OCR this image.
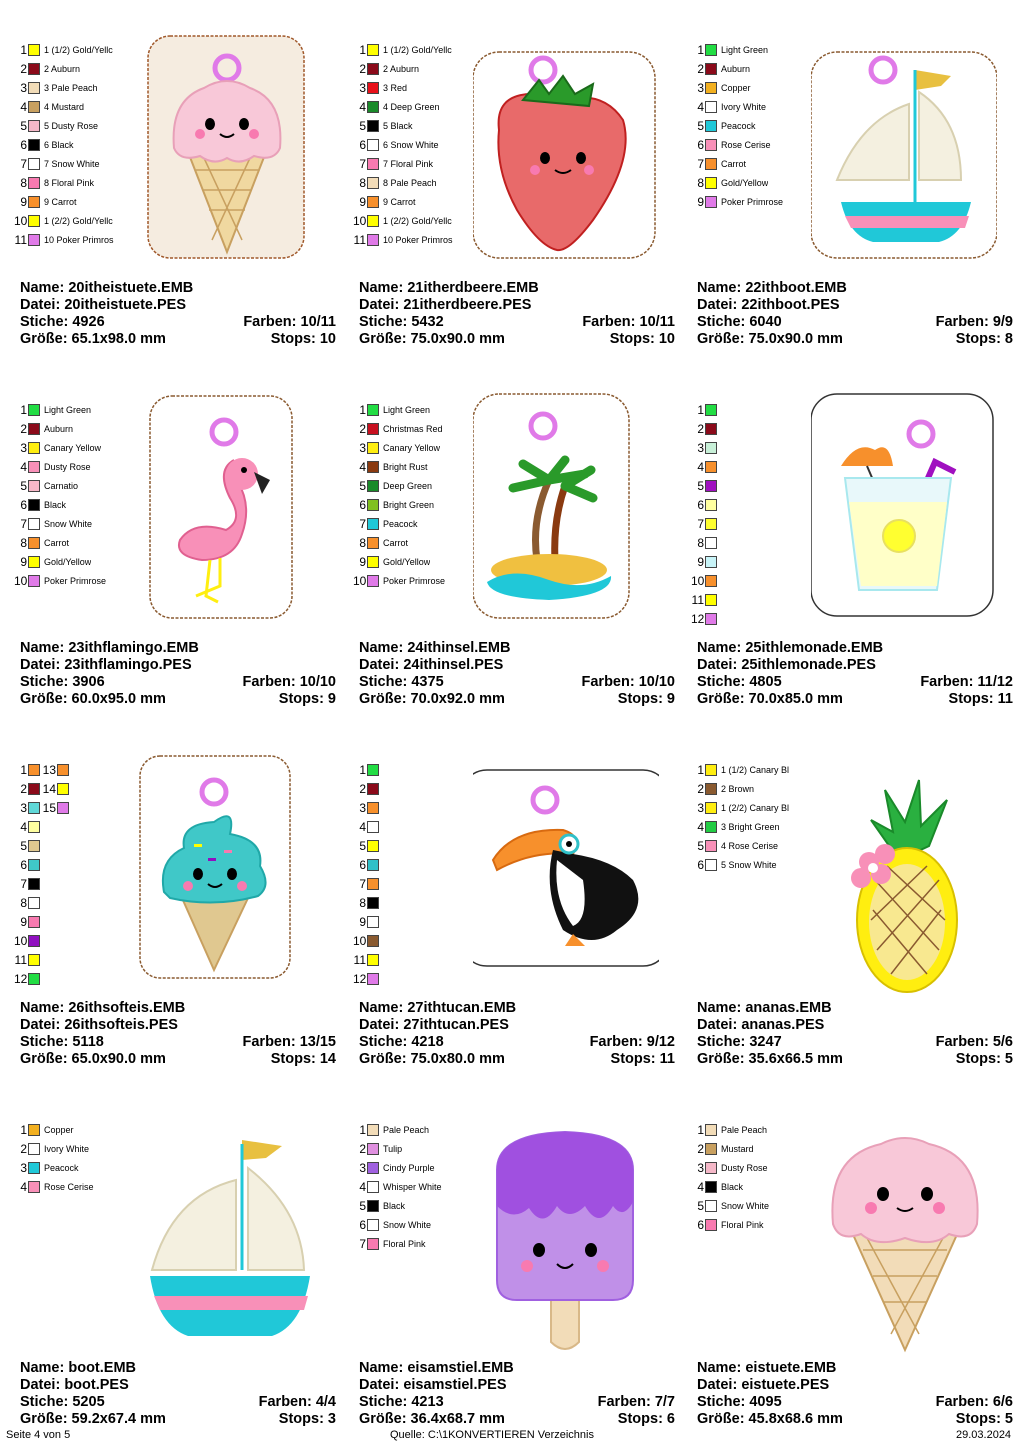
1 1 (1/2) Gold/Yellc
2 2 Auburn
3 3 Pale Peach
4 4 Mustard
5 5 Dusty Rose
6 6 Black
7 7 Snow White
8 8 Floral Pink
9 9 Carrot
10 1 (2/2) Gold/Yellc
11 10 Poker Primros
Name: 20itheistuete.EMB
Datei: 20itheistuete.PES
Stiche: 4926	Farben: 10/11
Größe: 65.1x98.0 mm	Stops: 10
1 1 (1/2) Gold/Yellc
2 2 Auburn
3 3 Red
4 4 Deep Green
5 5 Black
6 6 Snow White
7 7 Floral Pink
8 8 Pale Peach
9 9 Carrot
10 1 (2/2) Gold/Yellc
11 10 Poker Primros
Name: 21itherdbeere.EMB
Datei: 21itherdbeere.PES
Stiche: 5432	Farben: 10/11
Größe: 75.0x90.0 mm	Stops: 10
1 Light Green
2 Auburn
3 Copper
4 Ivory White
5 Peacock
6 Rose Cerise
7 Carrot
8 Gold/Yellow
9 Poker Primrose
Name: 22ithboot.EMB
Datei: 22ithboot.PES
Stiche: 6040	Farben: 9/9
Größe: 75.0x90.0 mm	Stops: 8
1 Light Green
2 Auburn
3 Canary Yellow
4 Dusty Rose
5 Carnatio
6 Black
7 Snow White
8 Carrot
9 Gold/Yellow
10 Poker Primrose
Name: 23ithflamingo.EMB
Datei: 23ithflamingo.PES
Stiche: 3906	Farben: 10/10
Größe: 60.0x95.0 mm	Stops: 9
1 Light Green
2 Christmas Red
3 Canary Yellow
4 Bright Rust
5 Deep Green
6 Bright Green
7 Peacock
8 Carrot
9 Gold/Yellow
10 Poker Primrose
Name: 24ithinsel.EMB
Datei: 24ithinsel.PES
Stiche: 4375	Farben: 10/10
Größe: 70.0x92.0 mm	Stops: 9
1
2
3
4
5
6
7
8
9
10
11
12
Name: 25ithlemonade.EMB
Datei: 25ithlemonade.PES
Stiche: 4805	Farben: 11/12
Größe: 70.0x85.0 mm	Stops: 11
1 13
2 14
3 15
4
5
6
7
8
9
10
11
12
Name: 26ithsofteis.EMB
Datei: 26ithsofteis.PES
Stiche: 5118	Farben: 13/15
Größe: 65.0x90.0 mm	Stops: 14
1
2
3
4
5
6
7
8
9
10
11
12
Name: 27ithtucan.EMB
Datei: 27ithtucan.PES
Stiche: 4218	Farben: 9/12
Größe: 75.0x80.0 mm	Stops: 11
1 1 (1/2) Canary Bl
2 2 Brown
3 1 (2/2) Canary Bl
4 3 Bright Green
5 4 Rose Cerise
6 5 Snow White
Name: ananas.EMB
Datei: ananas.PES
Stiche: 3247	Farben: 5/6
Größe: 35.6x66.5 mm	Stops: 5
1 Copper
2 Ivory White
3 Peacock
4 Rose Cerise
Name: boot.EMB
Datei: boot.PES
Stiche: 5205	Farben: 4/4
Größe: 59.2x67.4 mm	Stops: 3
1 Pale Peach
2 Tulip
3 Cindy Purple
4 Whisper White
5 Black
6 Snow White
7 Floral Pink
Name: eisamstiel.EMB
Datei: eisamstiel.PES
Stiche: 4213	Farben: 7/7
Größe: 36.4x68.7 mm	Stops: 6
1 Pale Peach
2 Mustard
3 Dusty Rose
4 Black
5 Snow White
6 Floral Pink
Name: eistuete.EMB
Datei: eistuete.PES
Stiche: 4095	Farben: 6/6
Größe: 45.8x68.6 mm	Stops: 5
Seite 4 von 5	Quelle: C:\1KONVERTIEREN Verzeichnis	29.03.2024
